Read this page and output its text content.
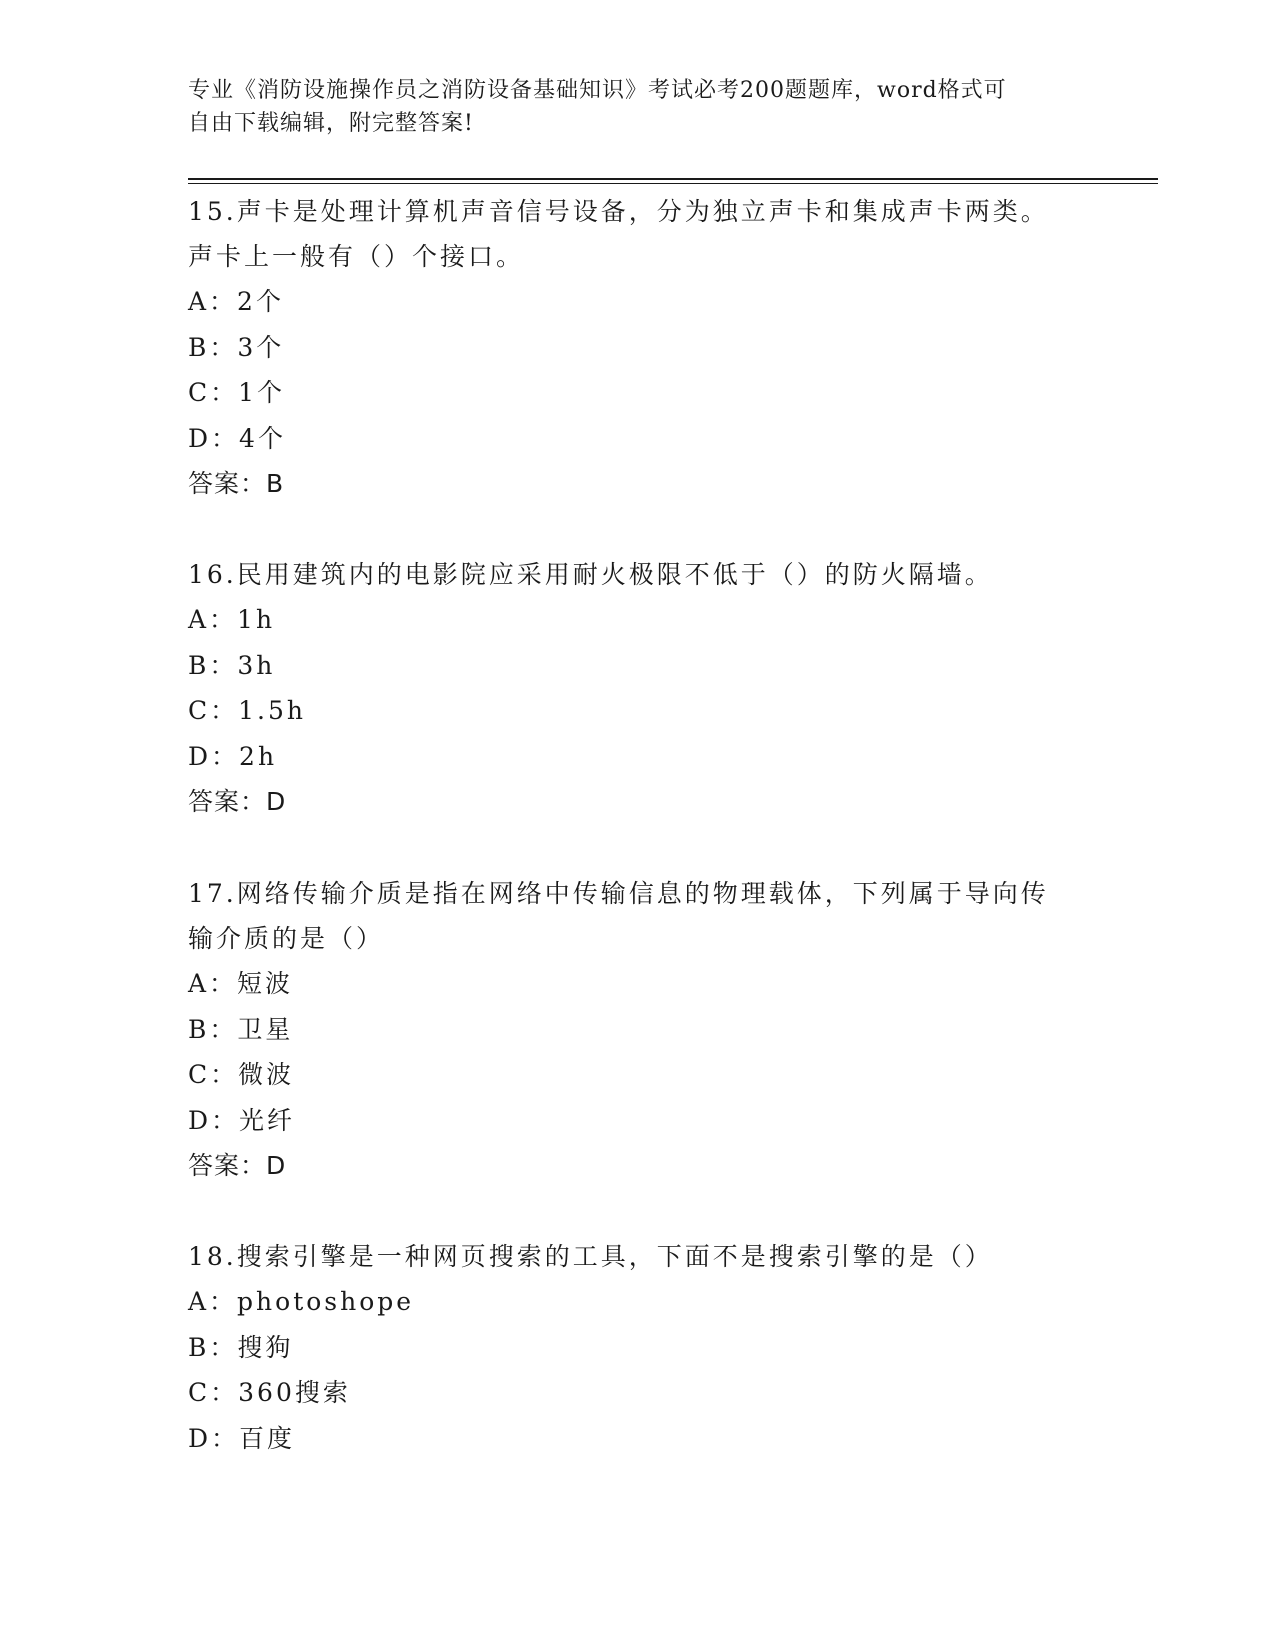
专业《消防设施操作员之消防设备基础知识》考试必考200题题库，word格式可
自由下载编辑，附完整答案!
15.声卡是处理计算机声音信号设备，分为独立声卡和集成声卡两类。
声卡上一般有（）个接口。
A：2个
B：3个
C：1个
D：4个
答案：B
16.民用建筑内的电影院应采用耐火极限不低于（）的防火隔墙。
A：1h
B：3h
C：1.5h
D：2h
答案：D
17.网络传输介质是指在网络中传输信息的物理载体，下列属于导向传
输介质的是（）
A：短波
B：卫星
C：微波
D：光纤
答案：D
18.搜索引擎是一种网页搜索的工具，下面不是搜索引擎的是（）
A：photoshope
B：搜狗
C：360搜索
D：百度
